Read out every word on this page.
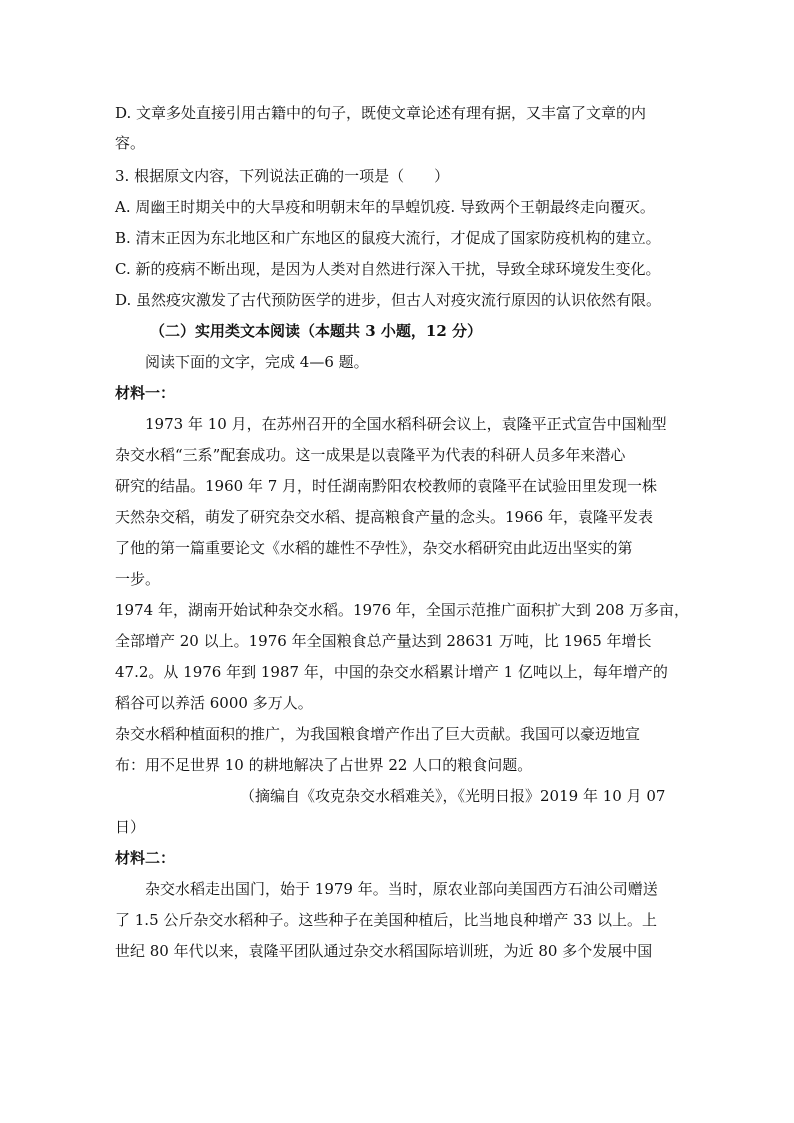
D. 文章多处直接引用古籍中的句子，既使文章论述有理有据，又丰富了文章的内
容。
3. 根据原文内容，下列说法正确的一项是（　　）
A. 周幽王时期关中的大旱疫和明朝末年的旱蝗饥疫. 导致两个王朝最终走向覆灭。
B. 清末正因为东北地区和广东地区的鼠疫大流行，才促成了国家防疫机构的建立。
C. 新的疫病不断出现，是因为人类对自然进行深入干扰，导致全球环境发生变化。
D. 虽然疫灾激发了古代预防医学的进步，但古人对疫灾流行原因的认识依然有限。
（二）实用类文本阅读（本题共 3 小题，12 分）
阅读下面的文字，完成 4—6 题。
材料一：
1973 年 10 月，在苏州召开的全国水稻科研会议上，袁隆平正式宣告中国籼型
杂交水稻“三系”配套成功。这一成果是以袁隆平为代表的科研人员多年来潜心
研究的结晶。1960 年 7 月，时任湖南黔阳农校教师的袁隆平在试验田里发现一株
天然杂交稻，萌发了研究杂交水稻、提高粮食产量的念头。1966 年，袁隆平发表
了他的第一篇重要论文《水稻的雄性不孕性》，杂交水稻研究由此迈出坚实的第
一步。
1974 年，湖南开始试种杂交水稻。1976 年，全国示范推广面积扩大到 208 万多亩，
全部增产 20 以上。1976 年全国粮食总产量达到 28631 万吨，比 1965 年增长
47.2。从 1976 年到 1987 年，中国的杂交水稻累计增产 1 亿吨以上，每年增产的
稻谷可以养活 6000 多万人。
杂交水稻种植面积的推广，为我国粮食增产作出了巨大贡献。我国可以豪迈地宣
布：用不足世界 10 的耕地解决了占世界 22 人口的粮食问题。
（摘编自《攻克杂交水稻难关》，《光明日报》2019 年 10 月 07
日）
材料二：
杂交水稻走出国门，始于 1979 年。当时，原农业部向美国西方石油公司赠送
了 1.5 公斤杂交水稻种子。这些种子在美国种植后，比当地良种增产 33 以上。上
世纪 80 年代以来，袁隆平团队通过杂交水稻国际培训班，为近 80 多个发展中国
